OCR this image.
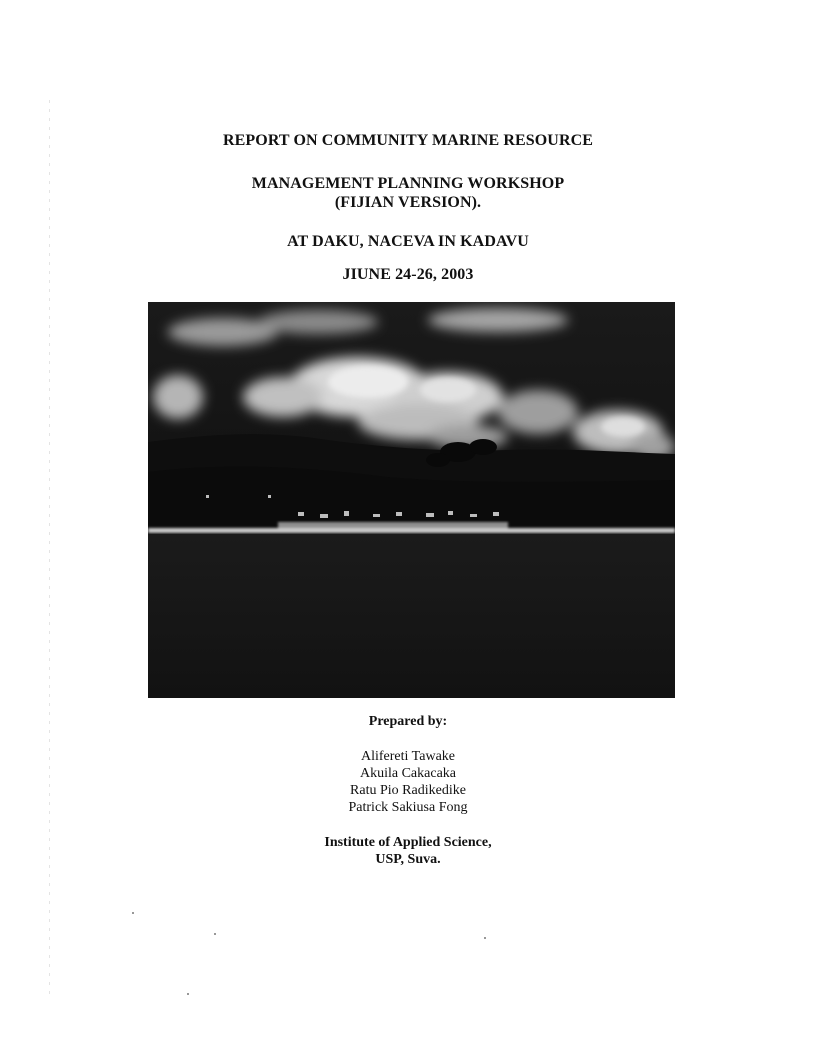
REPORT ON COMMUNITY MARINE RESOURCE
MANAGEMENT PLANNING WORKSHOP
(FIJIAN VERSION).
AT DAKU, NACEVA IN KADAVU
JIUNE 24-26, 2003
Prepared by:
Alifereti Tawake
Akuila Cakacaka
Ratu Pio Radikedike
Patrick Sakiusa Fong
Institute of Applied Science,
USP, Suva.
